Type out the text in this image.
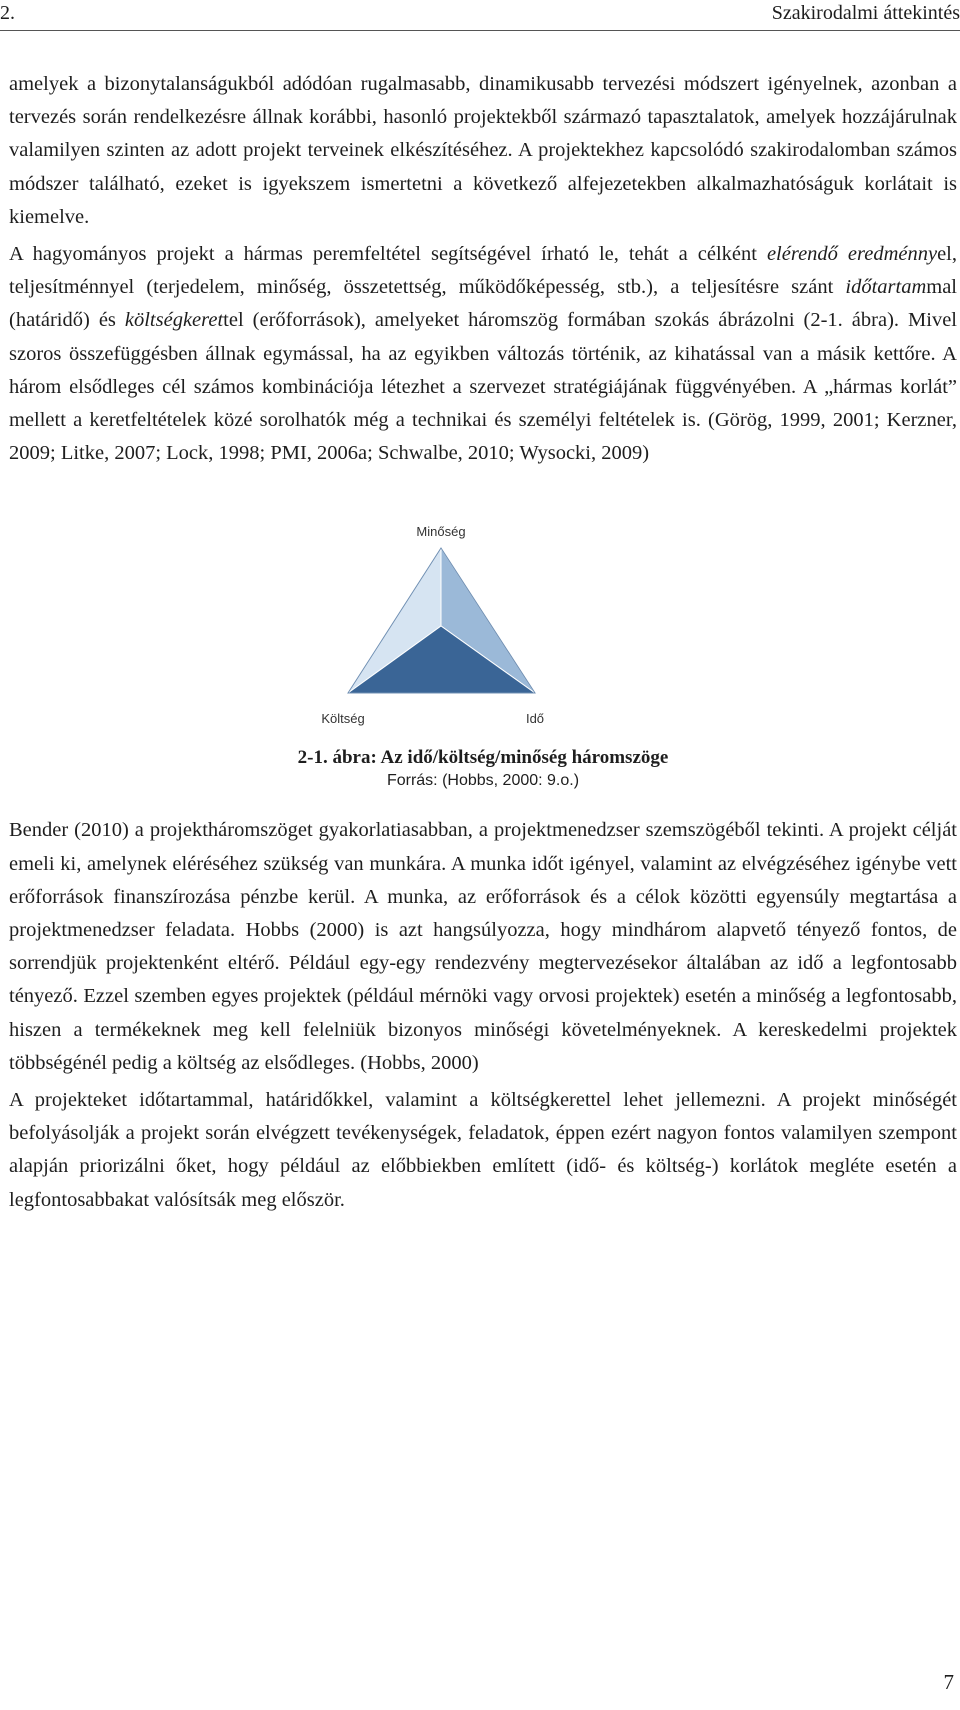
2.	Szakirodalmi áttekintés

amelyek a bizonytalanságukból adódóan rugalmasabb, dinamikusabb tervezési módszert igényelnek, azonban a tervezés során rendelkezésre állnak korábbi, hasonló projektekből származó tapasztalatok, amelyek hozzájárulnak valamilyen szinten az adott projekt terveinek elkészítéséhez. A projektekhez kapcsolódó szakirodalomban számos módszer található, ezeket is igyekszem ismertetni a következő alfejezetekben alkalmazhatóságuk korlátait is kiemelve.

A hagyományos projekt a hármas peremfeltétel segítségével írható le, tehát a célként elérendő eredménnyel, teljesítménnyel (terjedelem, minőség, összetettség, működőképesség, stb.), a teljesítésre szánt időtartammal (határidő) és költségkerettel (erőforrások), amelyeket háromszög formában szokás ábrázolni (2-1. ábra). Mivel szoros összefüggésben állnak egymással, ha az egyikben változás történik, az kihatással van a másik kettőre. A három elsődleges cél számos kombinációja létezhet a szervezet stratégiájának függvényében. A „hármas korlát” mellett a keretfeltételek közé sorolhatók még a technikai és személyi feltételek is. (Görög, 1999, 2001; Kerzner, 2009; Litke, 2007; Lock, 1998; PMI, 2006a; Schwalbe, 2010; Wysocki, 2009)

Minőség
Költség	Idő
2-1. ábra: Az idő/költség/minőség háromszöge
Forrás: (Hobbs, 2000: 9.o.)

Bender (2010) a projektháromszöget gyakorlatiasabban, a projektmenedzser szemszögéből tekinti. A projekt célját emeli ki, amelynek eléréséhez szükség van munkára. A munka időt igényel, valamint az elvégzéséhez igénybe vett erőforrások finanszírozása pénzbe kerül. A munka, az erőforrások és a célok közötti egyensúly megtartása a projektmenedzser feladata. Hobbs (2000) is azt hangsúlyozza, hogy mindhárom alapvető tényező fontos, de sorrendjük projektenként eltérő. Például egy-egy rendezvény megtervezésekor általában az idő a legfontosabb tényező. Ezzel szemben egyes projektek (például mérnöki vagy orvosi projektek) esetén a minőség a legfontosabb, hiszen a termékeknek meg kell felelniük bizonyos minőségi követelményeknek. A kereskedelmi projektek többségénél pedig a költség az elsődleges. (Hobbs, 2000)

A projekteket időtartammal, határidőkkel, valamint a költségkerettel lehet jellemezni. A projekt minőségét befolyásolják a projekt során elvégzett tevékenységek, feladatok, éppen ezért nagyon fontos valamilyen szempont alapján priorizálni őket, hogy például az előbbiekben említett (idő- és költség-) korlátok megléte esetén a legfontosabbakat valósítsák meg először.

7
